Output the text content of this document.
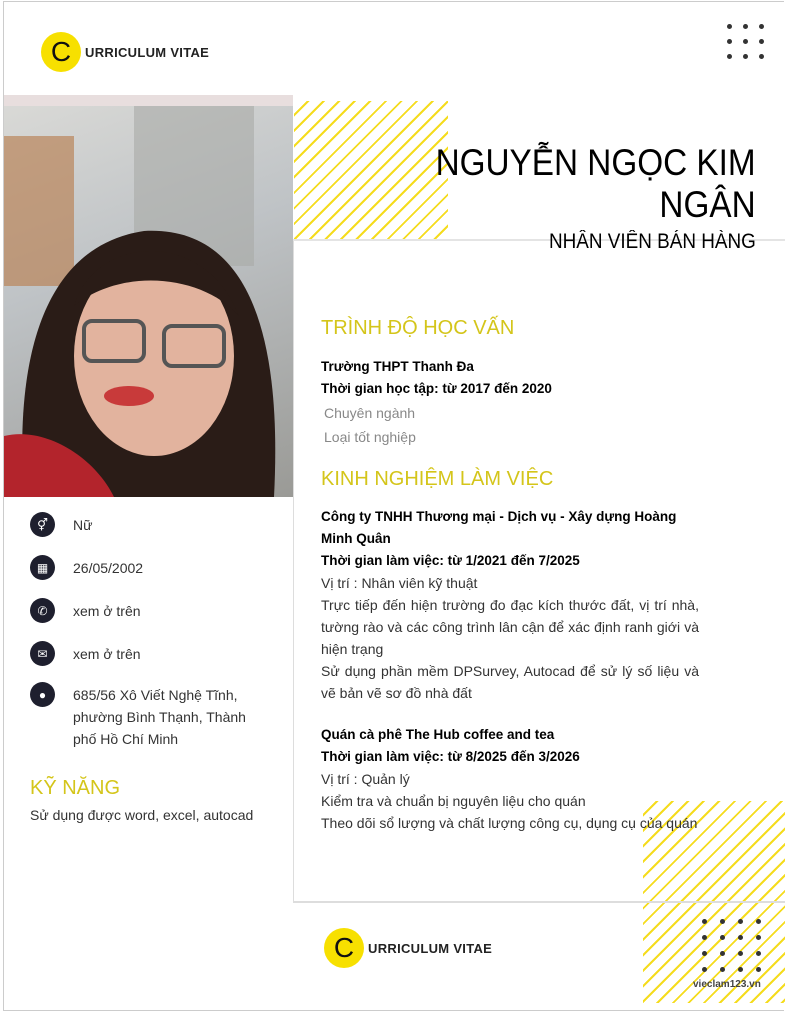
C	URRICULUM VITAE
NGUYỄN NGỌC KIM
NGÂN
NHÂN VIÊN BÁN HÀNG
⚥	Nữ
▦	26/05/2002
✆	xem ở trên
✉	xem ở trên
●	685/56 Xô Viết Nghệ Tĩnh, phường Bình Thạnh, Thành phố Hồ Chí Minh
KỸ NĂNG
Sử dụng được word, excel, autocad
TRÌNH ĐỘ HỌC VẤN
Trường THPT Thanh Đa
Thời gian học tập: từ 2017 đến 2020
Chuyên ngành
Loại tốt nghiệp
KINH NGHIỆM LÀM VIỆC
Công ty TNHH Thương mại - Dịch vụ - Xây dựng Hoàng Minh Quân
Thời gian làm việc: từ 1/2021 đến 7/2025
Vị trí : Nhân viên kỹ thuật
Trực tiếp đến hiện trường đo đạc kích thước đất, vị trí nhà, tường rào và các công trình lân cận để xác định ranh giới và hiện trạng
Sử dụng phần mềm DPSurvey, Autocad để sử lý số liệu và vẽ bản vẽ sơ đồ nhà đất
Quán cà phê The Hub coffee and tea
Thời gian làm việc: từ 8/2025 đến 3/2026
Vị trí : Quản lý
Kiểm tra và chuẩn bị nguyên liệu cho quán
Theo dõi sổ lượng và chất lượng công cụ, dụng cụ của quán
vieclam123.vn
C	URRICULUM VITAE
